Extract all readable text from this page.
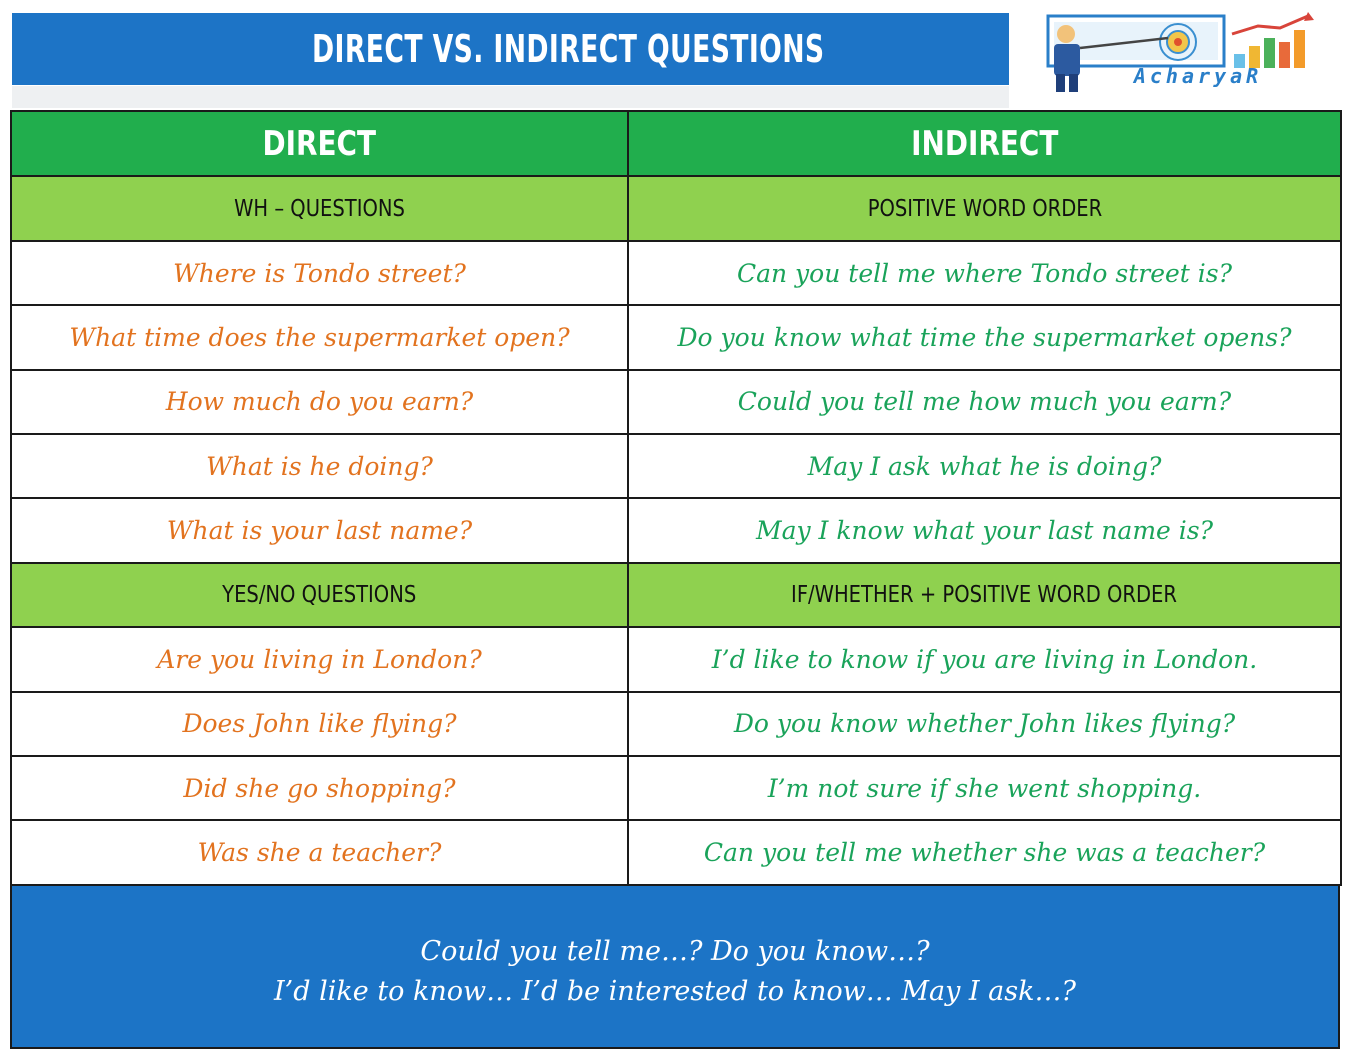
DIRECT VS. INDIRECT QUESTIONS
AcharyaR
DIRECT	INDIRECT
WH – QUESTIONS	POSITIVE WORD ORDER
Where is Tondo street?	Can you tell me where Tondo street is?
What time does the supermarket open?	Do you know what time the supermarket opens?
How much do you earn?	Could you tell me how much you earn?
What is he doing?	May I ask what he is doing?
What is your last name?	May I know what your last name is?
YES/NO QUESTIONS	IF/WHETHER + POSITIVE WORD ORDER
Are you living in London?	I’d like to know if you are living in London.
Does John like flying?	Do you know whether John likes flying?
Did she go shopping?	I’m not sure if she went shopping.
Was she a teacher?	Can you tell me whether she was a teacher?
Could you tell me…? Do you know…?
I’d like to know… I’d be interested to know… May I ask…?
